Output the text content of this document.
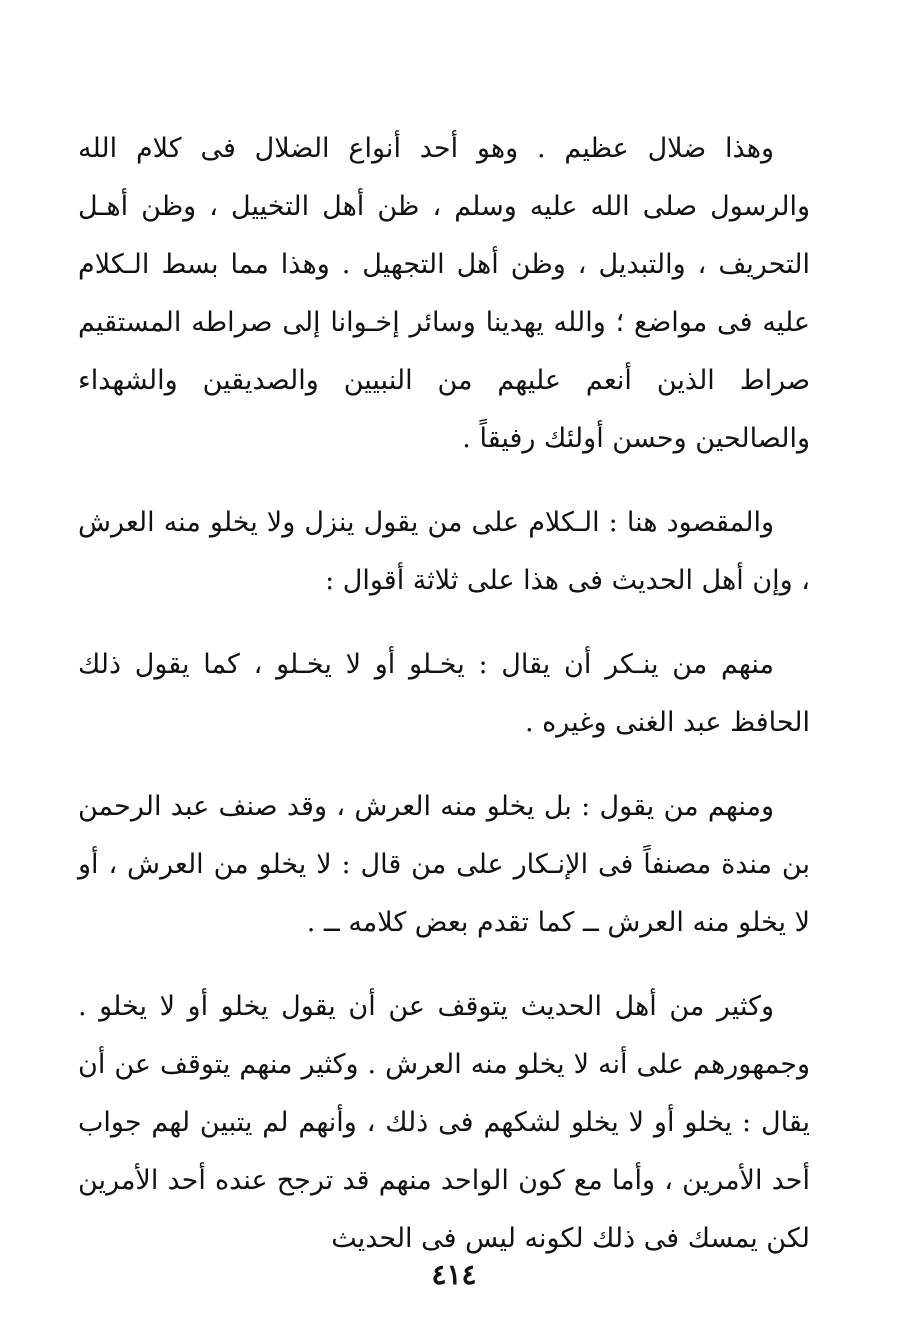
وهذا ضلال عظيم . وهو أحد أنواع الضلال فى كلام الله والرسول صلى الله عليه وسلم ، ظن أهل التخييل ، وظن أهـل التحريف ، والتبديل ، وظن أهل التجهيل . وهذا مما بسط الـكلام عليه فى مواضع ؛ والله يهدينا وسائر إخـوانا إلى صراطه المستقيم صراط الذين أنعم عليهم من النبيين والصديقين والشهداء والصالحين وحسن أولئك رفيقاً .

والمقصود هنا : الـكلام على من يقول ينزل ولا يخلو منه العرش ، وإن أهل الحديث فى هذا على ثلاثة أقوال :

منهم من ينـكر أن يقال : يخـلو أو لا يخـلو ، كما يقول ذلك الحافظ عبد الغنى وغيره .

ومنهم من يقول : بل يخلو منه العرش ، وقد صنف عبد الرحمن بن مندة مصنفاً فى الإنـكار على من قال : لا يخلو من العرش ، أو لا يخلو منه العرش ــ كما تقدم بعض كلامه ــ .

وكثير من أهل الحديث يتوقف عن أن يقول يخلو أو لا يخلو . وجمهورهم على أنه لا يخلو منه العرش . وكثير منهم يتوقف عن أن يقال : يخلو أو لا يخلو لشكهم فى ذلك ، وأنهم لم يتبين لهم جواب أحد الأمرين ، وأما مع كون الواحد منهم قد ترجح عنده أحد الأمرين لكن يمسك فى ذلك لكونه ليس فى الحديث

٤١٤
